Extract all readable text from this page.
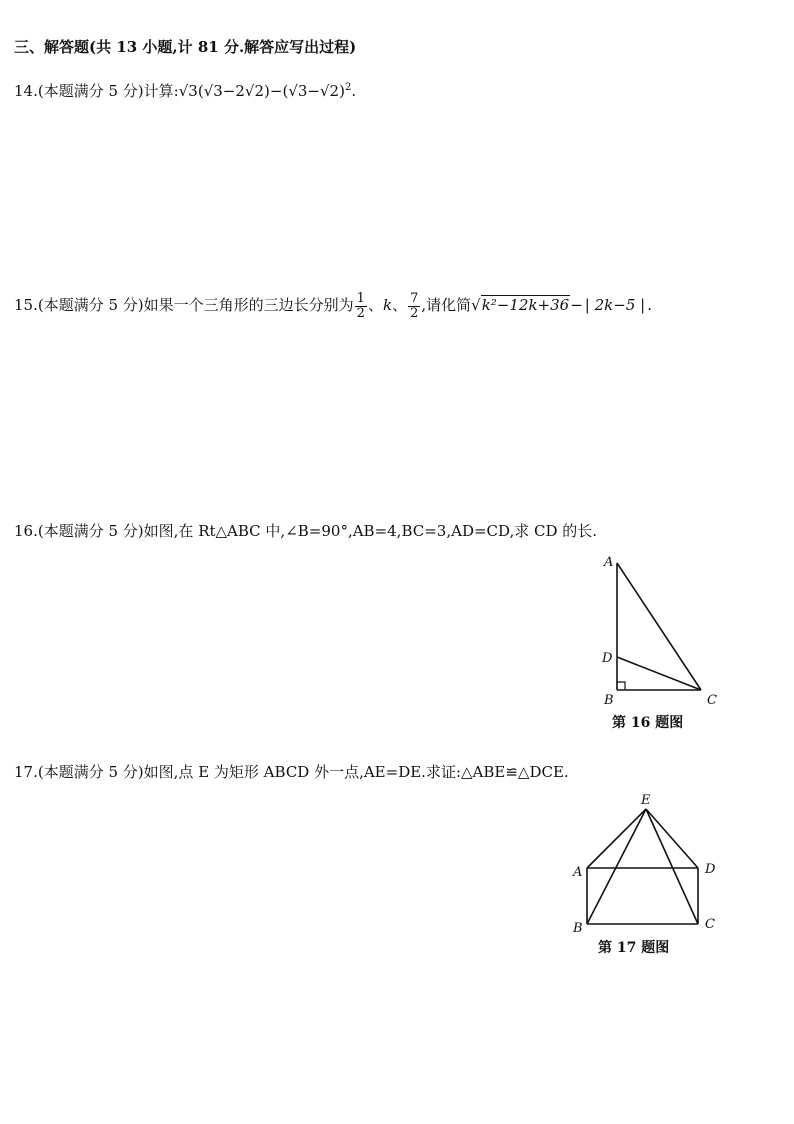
三、解答题(共 13 小题,计 81 分.解答应写出过程)
14.(本题满分 5 分)计算$:√3(√3-2√2)-(√3-√2)^2$.
15.(本题满分 5 分)如果一个三角形的三边长分别为 $\frac{1}{2}$ 、k、 $\frac{7}{2}$ ,请化简√k²−12k+36− | 2k−5 | .
16.(本题满分 5 分)如图,在 Rt△ABC 中,∠B=90°,AB=4,BC=3,AD=CD,求 CD 的长.
A
D
B	C
第 16 题图
17.(本题满分 5 分)如图,点 E 为矩形 ABCD 外一点,AE=DE.求证:△ABE≌△DCE.
E
A	D
B	C
第 17 题图
